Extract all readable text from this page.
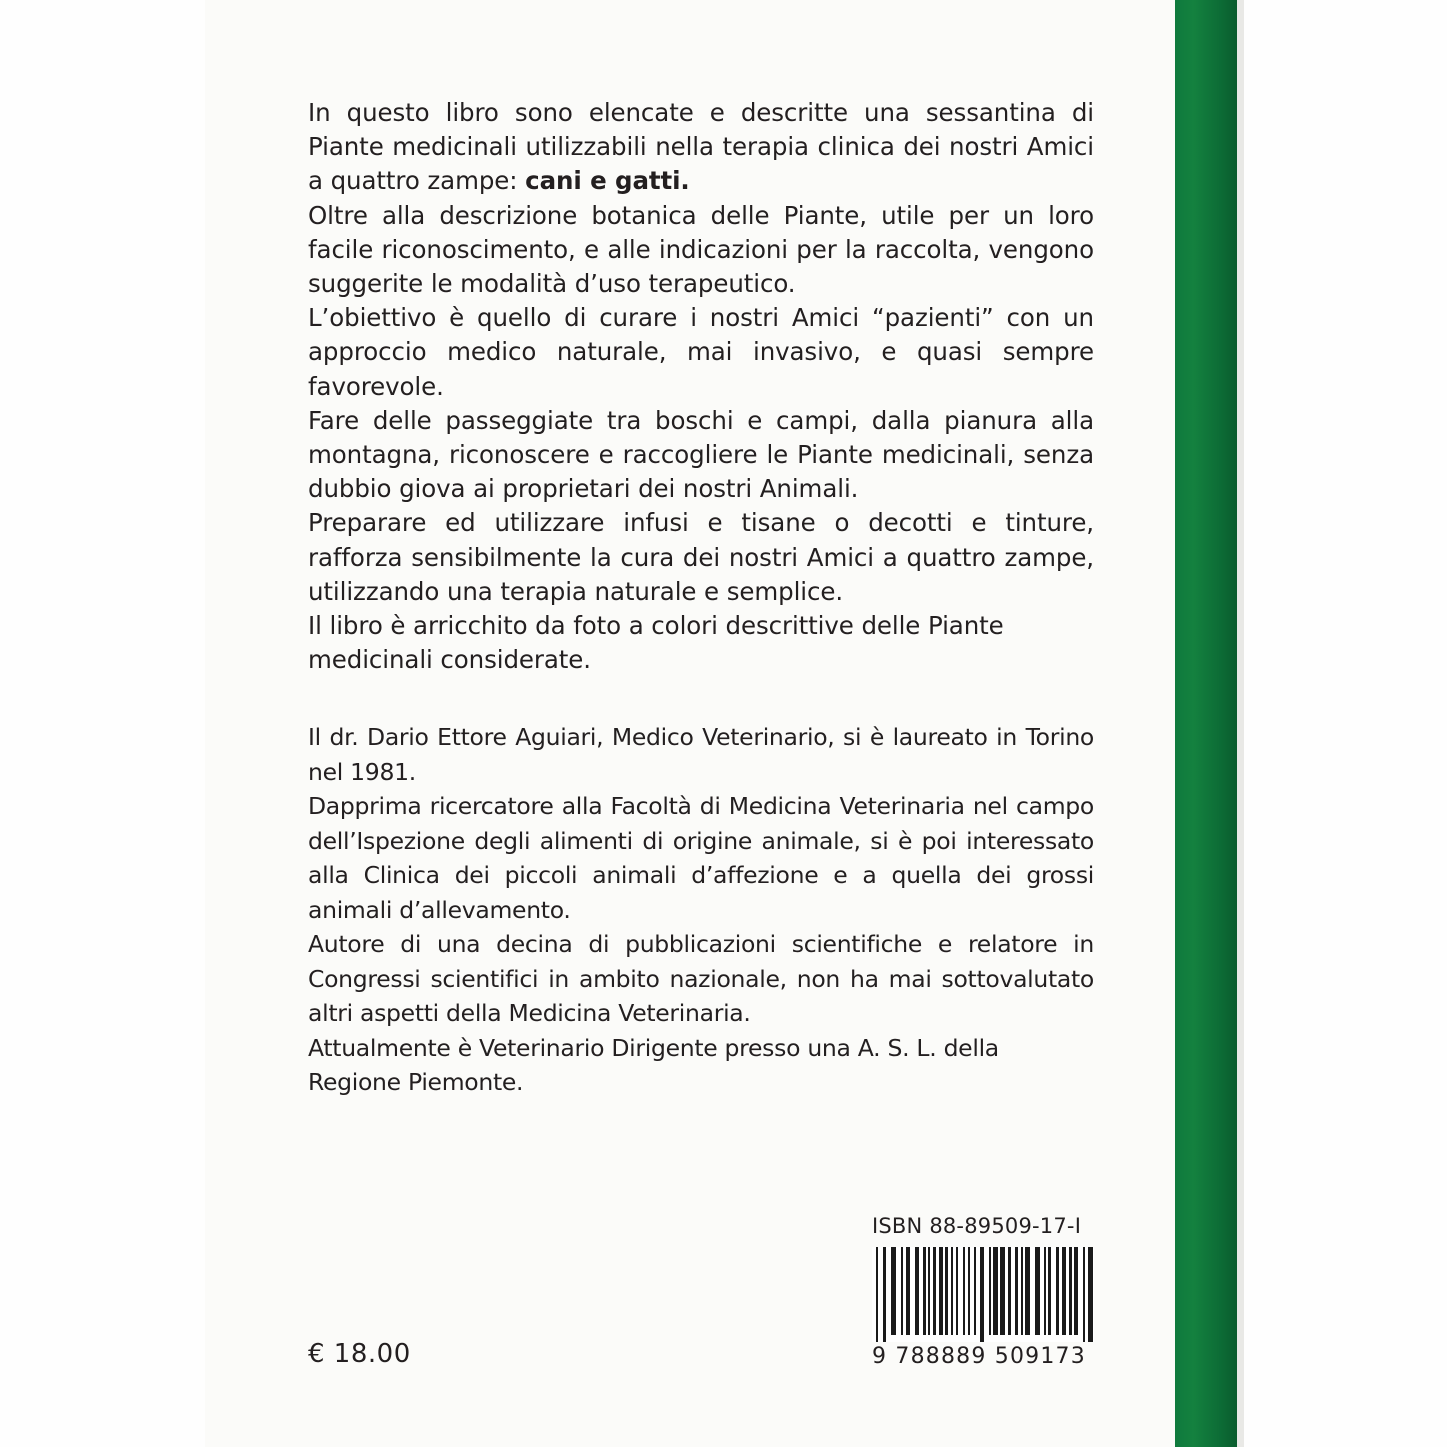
In questo libro sono elencate e descritte una sessantina di Piante medicinali utilizzabili nella terapia clinica dei nostri Amici a quattro zampe: cani e gatti.

Oltre alla descrizione botanica delle Piante, utile per un loro facile riconoscimento, e alle indicazioni per la raccolta, vengono suggerite le modalità d’uso terapeutico.

L’obiettivo è quello di curare i nostri Amici “pazienti” con un approccio medico naturale, mai invasivo, e quasi sempre favorevole.

Fare delle passeggiate tra boschi e campi, dalla pianura alla montagna, riconoscere e raccogliere le Piante medicinali, senza dubbio giova ai proprietari dei nostri Animali.

Preparare ed utilizzare infusi e tisane o decotti e tinture, rafforza sensibilmente la cura dei nostri Amici a quattro zampe, utilizzando una terapia naturale e semplice.

Il libro è arricchito da foto a colori descrittive delle Piante medicinali considerate.

Il dr. Dario Ettore Aguiari, Medico Veterinario, si è laureato in Torino nel 1981.

Dapprima ricercatore alla Facoltà di Medicina Veterinaria nel campo dell’Ispezione degli alimenti di origine animale, si è poi interessato alla Clinica dei piccoli animali d’affezione e a quella dei grossi animali d’allevamento.

Autore di una decina di pubblicazioni scientifiche e relatore in Congressi scientifici in ambito nazionale, non ha mai sottovalutato altri aspetti della Medicina Veterinaria.

Attualmente è Veterinario Dirigente presso una A. S. L. della Regione Piemonte.

€ 18.00
ISBN 88-89509-17-I
9 788889 509173
